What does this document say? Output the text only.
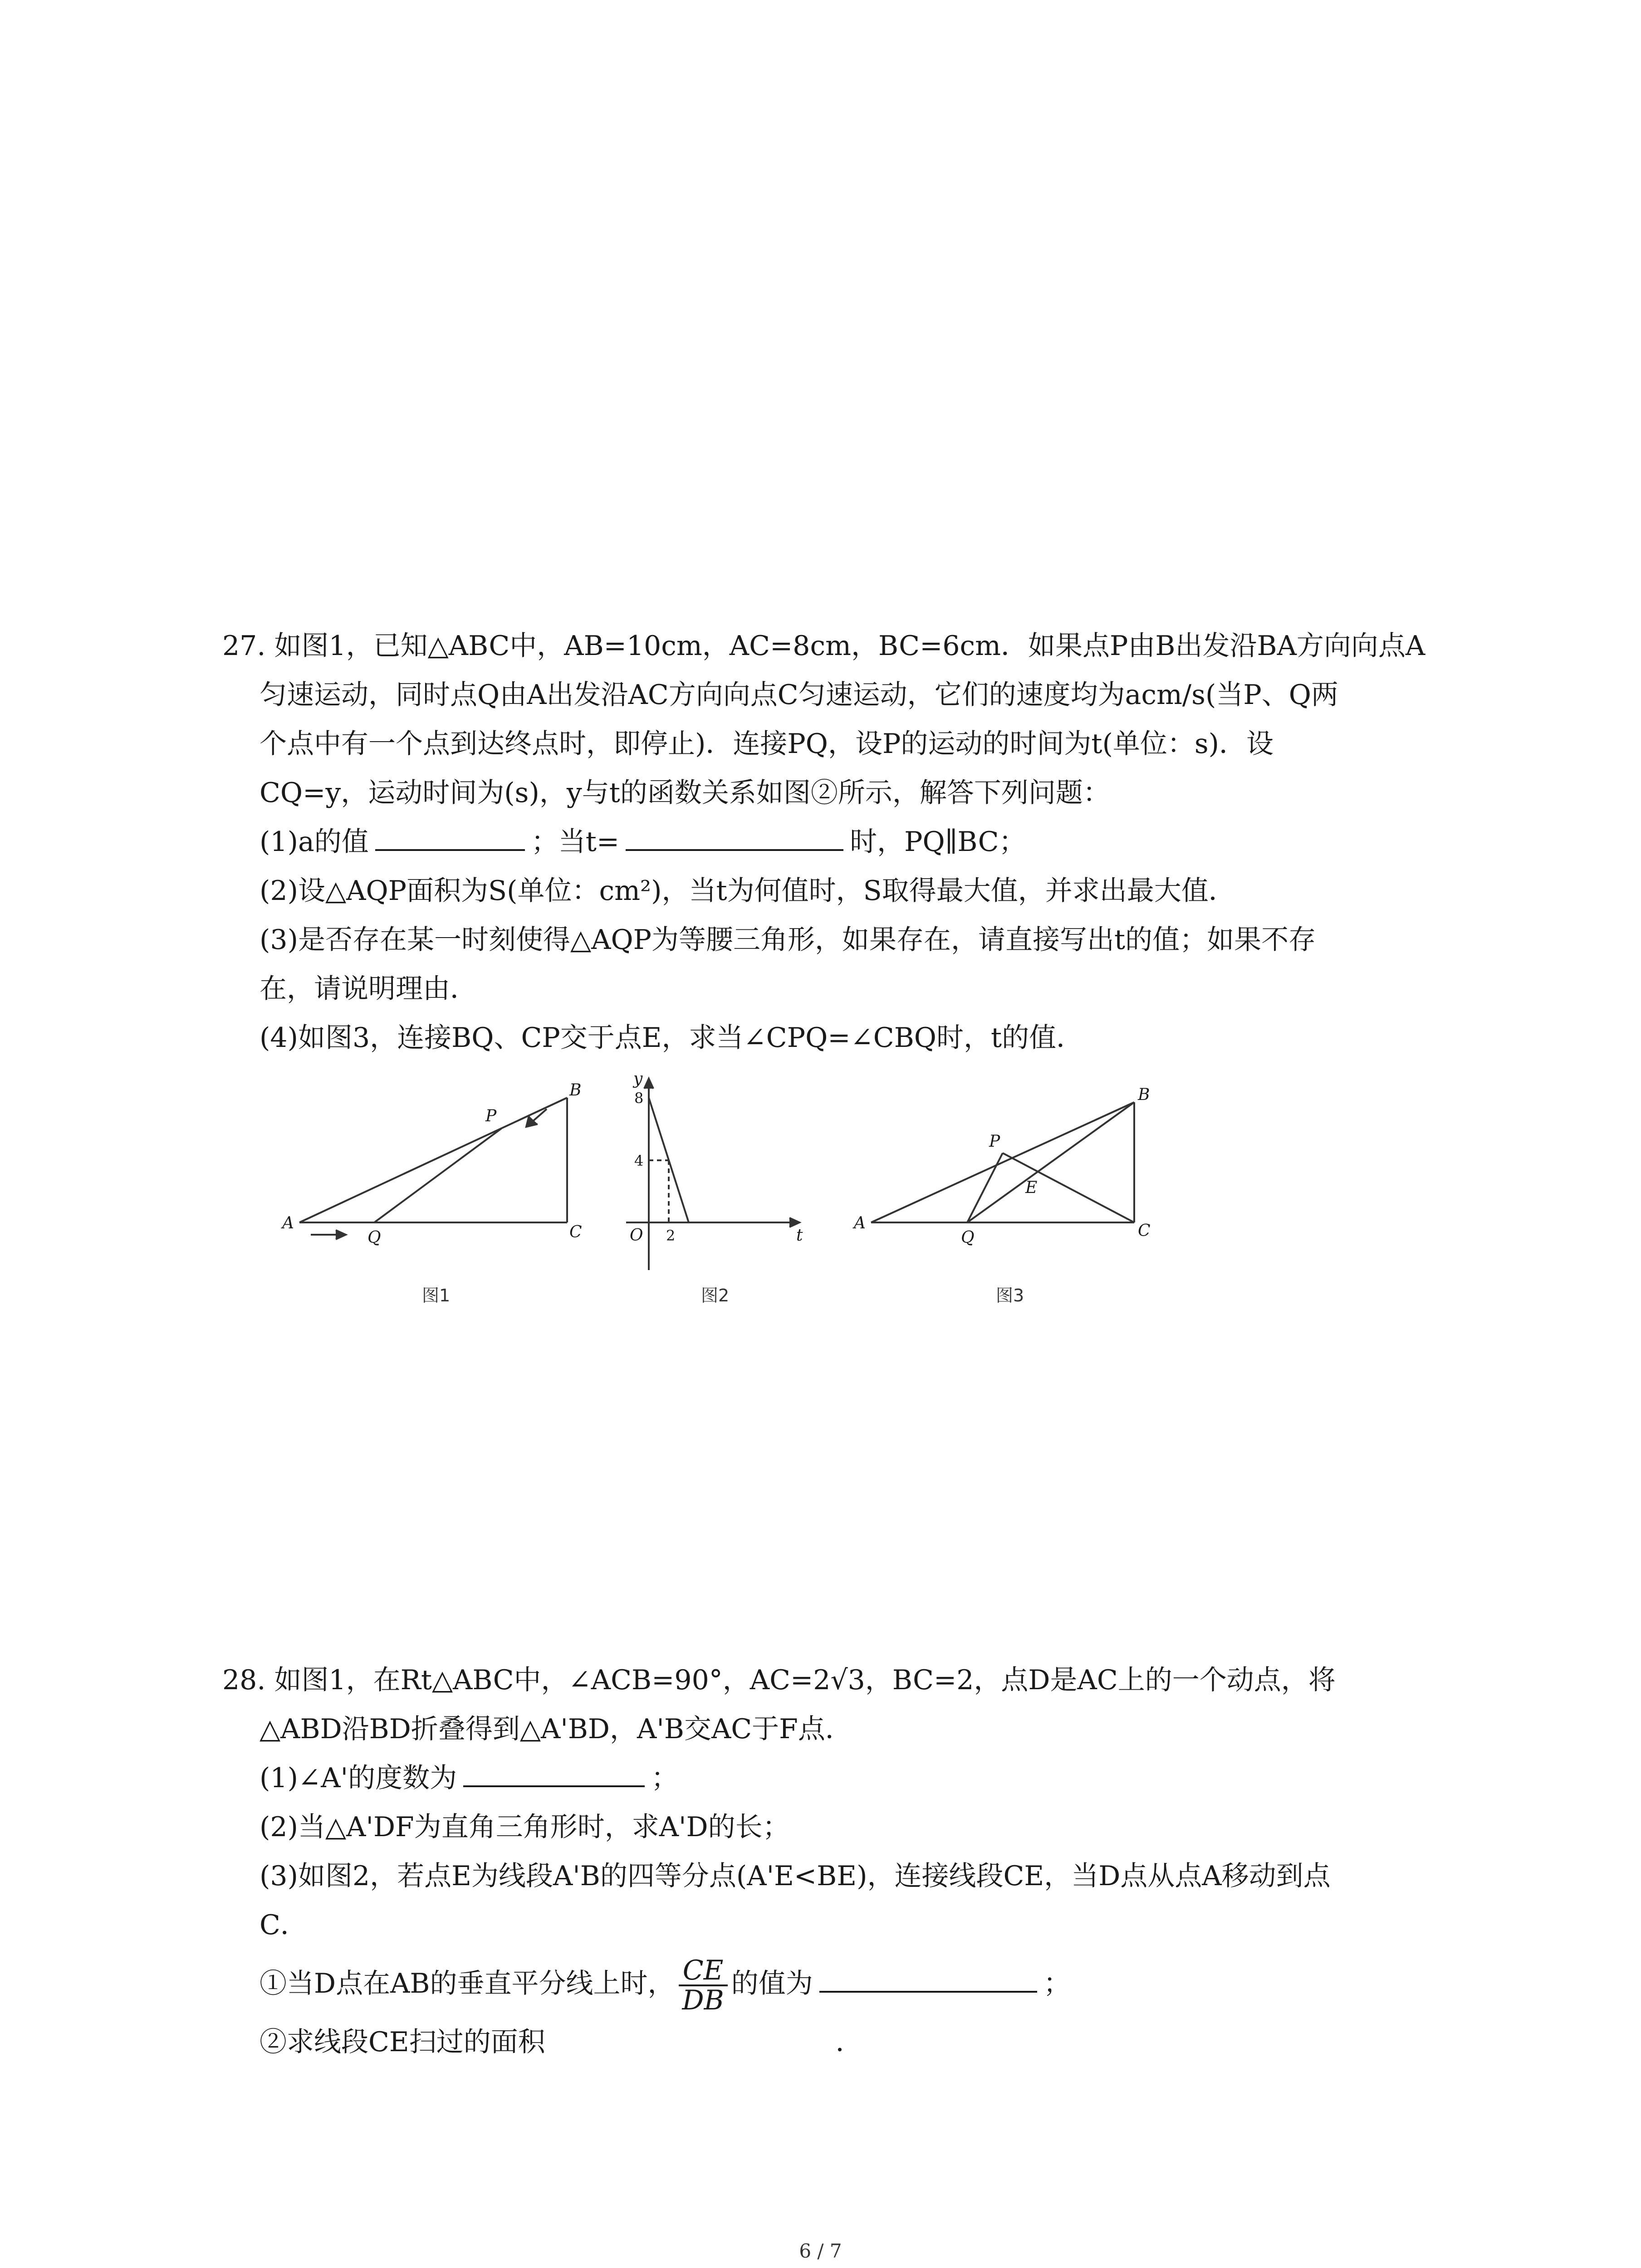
27. 如图1，已知△ABC中，AB=10cm，AC=8cm，BC=6cm．如果点P由B出发沿BA方向向点A
匀速运动，同时点Q由A出发沿AC方向向点C匀速运动，它们的速度均为acm/s(当P、Q两
个点中有一个点到达终点时，即停止)．连接PQ，设P的运动的时间为t(单位：s)．设
CQ=y，运动时间为(s)，y与t的函数关系如图②所示，解答下列问题：
(1)a的值	；当t=	时，PQ∥BC；
(2)设△AQP面积为S(单位：cm²)，当t为何值时，S取得最大值，并求出最大值．
(3)是否存在某一时刻使得△AQP为等腰三角形，如果存在，请直接写出t的值；如果不存
在，请说明理由．
(4)如图3，连接BQ、CP交于点E，求当∠CPQ=∠CBQ时，t的值．
A
Q	C
B
P
图1
y
t
O
8
4
2
图2
A
Q	C
B
P
E
图3
28. 如图1，在Rt△ABC中，∠ACB=90°，AC=2√3，BC=2，点D是AC上的一个动点，将
△ABD沿BD折叠得到△A'BD，A'B交AC于F点．
(1)∠A'的度数为	；
(2)当△A'DF为直角三角形时，求A'D的长；
(3)如图2，若点E为线段A'B的四等分点(A'E<BE)，连接线段CE，当D点从点A移动到点
C．
①当D点在AB的垂直平分线上时， $\frac{CE}{DB}$ 的值为	；
②求线段CE扫过的面积	．
6 / 7
